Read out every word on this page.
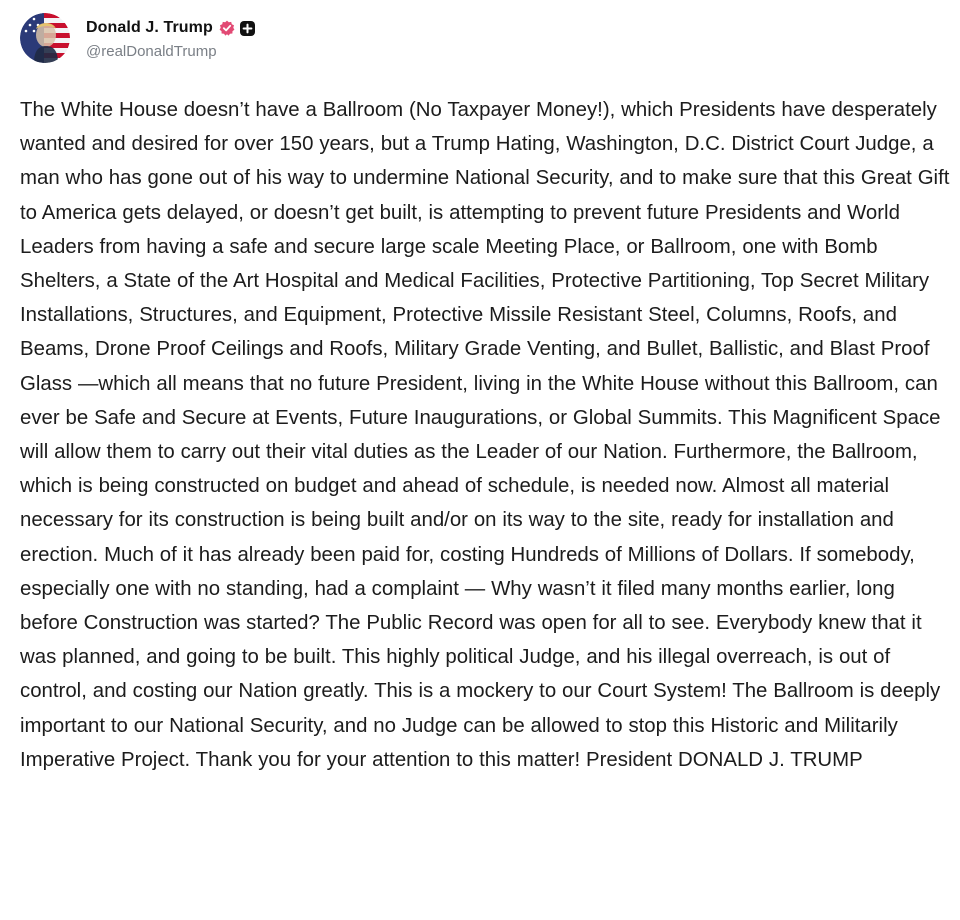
Donald J. Trump
@realDonaldTrump

The White House doesn’t have a Ballroom (No Taxpayer Money!), which Presidents have desperately wanted and desired for over 150 years, but a Trump Hating, Washington, D.C. District Court Judge, a man who has gone out of his way to undermine National Security, and to make sure that this Great Gift to America gets delayed, or doesn’t get built, is attempting to prevent future Presidents and World Leaders from having a safe and secure large scale Meeting Place, or Ballroom, one with Bomb Shelters, a State of the Art Hospital and Medical Facilities, Protective Partitioning, Top Secret Military Installations, Structures, and Equipment, Protective Missile Resistant Steel, Columns, Roofs, and Beams, Drone Proof Ceilings and Roofs, Military Grade Venting, and Bullet, Ballistic, and Blast Proof Glass —which all means that no future President, living in the White House without this Ballroom, can ever be Safe and Secure at Events, Future Inaugurations, or Global Summits. This Magnificent Space will allow them to carry out their vital duties as the Leader of our Nation. Furthermore, the Ballroom, which is being constructed on budget and ahead of schedule, is needed now. Almost all material necessary for its construction is being built and/or on its way to the site, ready for installation and erection. Much of it has already been paid for, costing Hundreds of Millions of Dollars. If somebody, especially one with no standing, had a complaint — Why wasn’t it filed many months earlier, long before Construction was started? The Public Record was open for all to see. Everybody knew that it was planned, and going to be built. This highly political Judge, and his illegal overreach, is out of control, and costing our Nation greatly. This is a mockery to our Court System! The Ballroom is deeply important to our National Security, and no Judge can be allowed to stop this Historic and Militarily Imperative Project. Thank you for your attention to this matter! President DONALD J. TRUMP
